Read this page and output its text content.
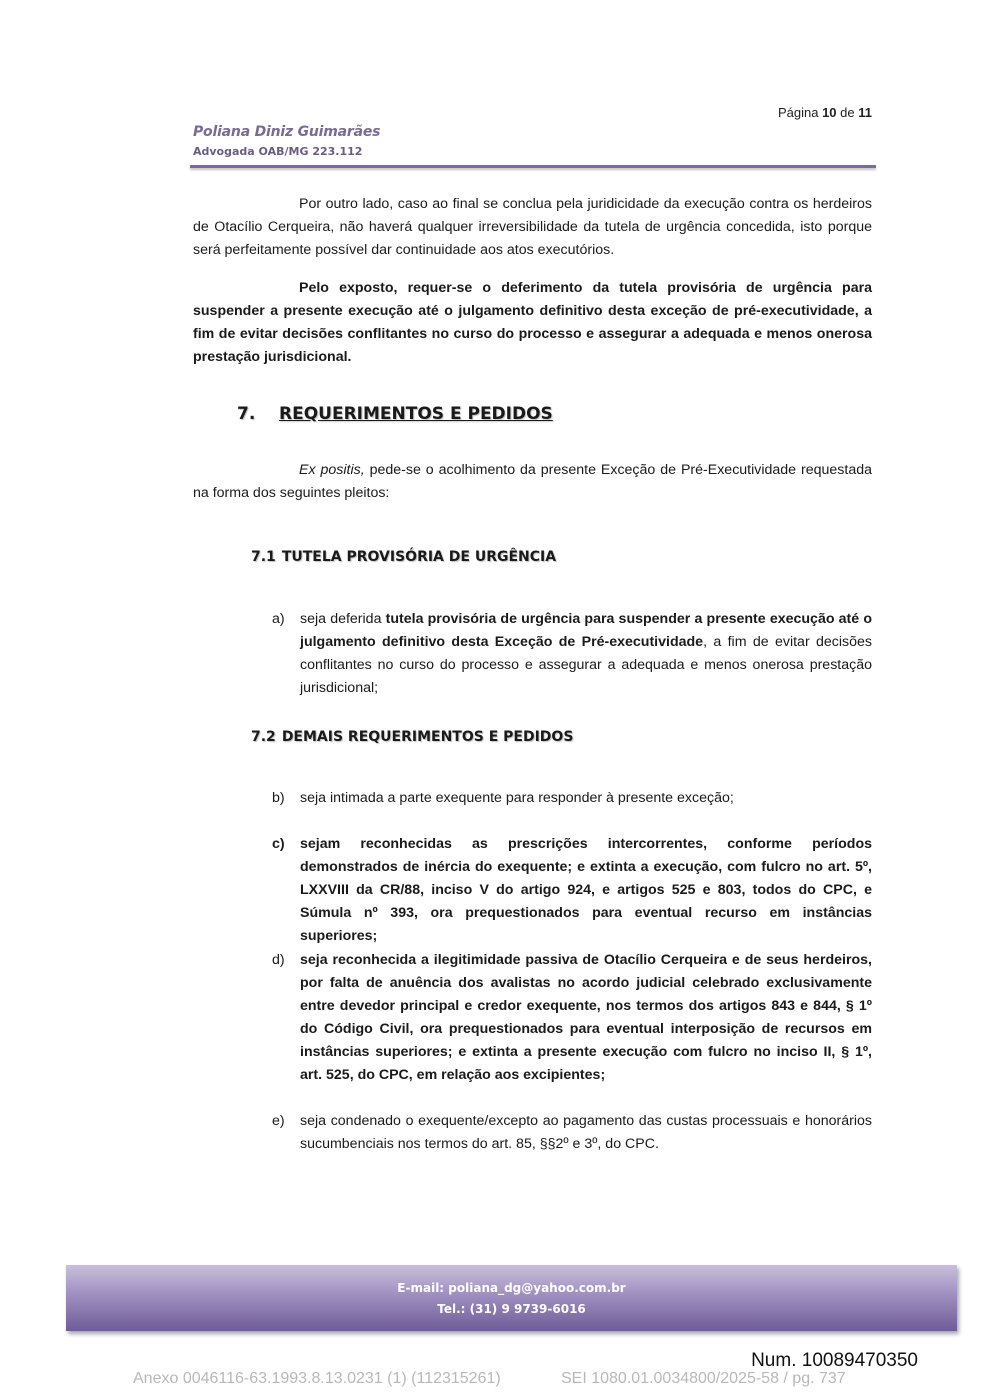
Página 10 de 11
Poliana Diniz Guimarães
Advogada OAB/MG 223.112

Por outro lado, caso ao final se conclua pela juridicidade da execução contra os herdeiros de Otacílio Cerqueira, não haverá qualquer irreversibilidade da tutela de urgência concedida, isto porque será perfeitamente possível dar continuidade aos atos executórios.

Pelo exposto, requer-se o deferimento da tutela provisória de urgência para suspender a presente execução até o julgamento definitivo desta exceção de pré-executividade, a fim de evitar decisões conflitantes no curso do processo e assegurar a adequada e menos onerosa prestação jurisdicional.

7. REQUERIMENTOS E PEDIDOS

Ex positis, pede-se o acolhimento da presente Exceção de Pré-Executividade requestada na forma dos seguintes pleitos:

7.1 TUTELA PROVISÓRIA DE URGÊNCIA
a)	seja deferida tutela provisória de urgência para suspender a presente execução até o julgamento definitivo desta Exceção de Pré-executividade, a fim de evitar decisões conflitantes no curso do processo e assegurar a adequada e menos onerosa prestação jurisdicional;

7.2 DEMAIS REQUERIMENTOS E PEDIDOS
b)	seja intimada a parte exequente para responder à presente exceção;

c)	sejam reconhecidas as prescrições intercorrentes, conforme períodos demonstrados de inércia do exequente; e extinta a execução, com fulcro no art. 5º, LXXVIII da CR/88, inciso V do artigo 924, e artigos 525 e 803, todos do CPC, e Súmula nº 393, ora prequestionados para eventual recurso em instâncias superiores;

d)	seja reconhecida a ilegitimidade passiva de Otacílio Cerqueira e de seus herdeiros, por falta de anuência dos avalistas no acordo judicial celebrado exclusivamente entre devedor principal e credor exequente, nos termos dos artigos 843 e 844, § 1º do Código Civil, ora prequestionados para eventual interposição de recursos em instâncias superiores; e extinta a presente execução com fulcro no inciso II, § 1º, art. 525, do CPC, em relação aos excipientes;

e)	seja condenado o exequente/excepto ao pagamento das custas processuais e honorários sucumbenciais nos termos do art. 85, §§2º e 3º, do CPC.

E-mail: poliana_dg@yahoo.com.br
Tel.: (31) 9 9739-6016
Num. 10089470350
Anexo 0046116-63.1993.8.13.0231 (1) (112315261)	SEI 1080.01.0034800/2025-58 / pg. 737
